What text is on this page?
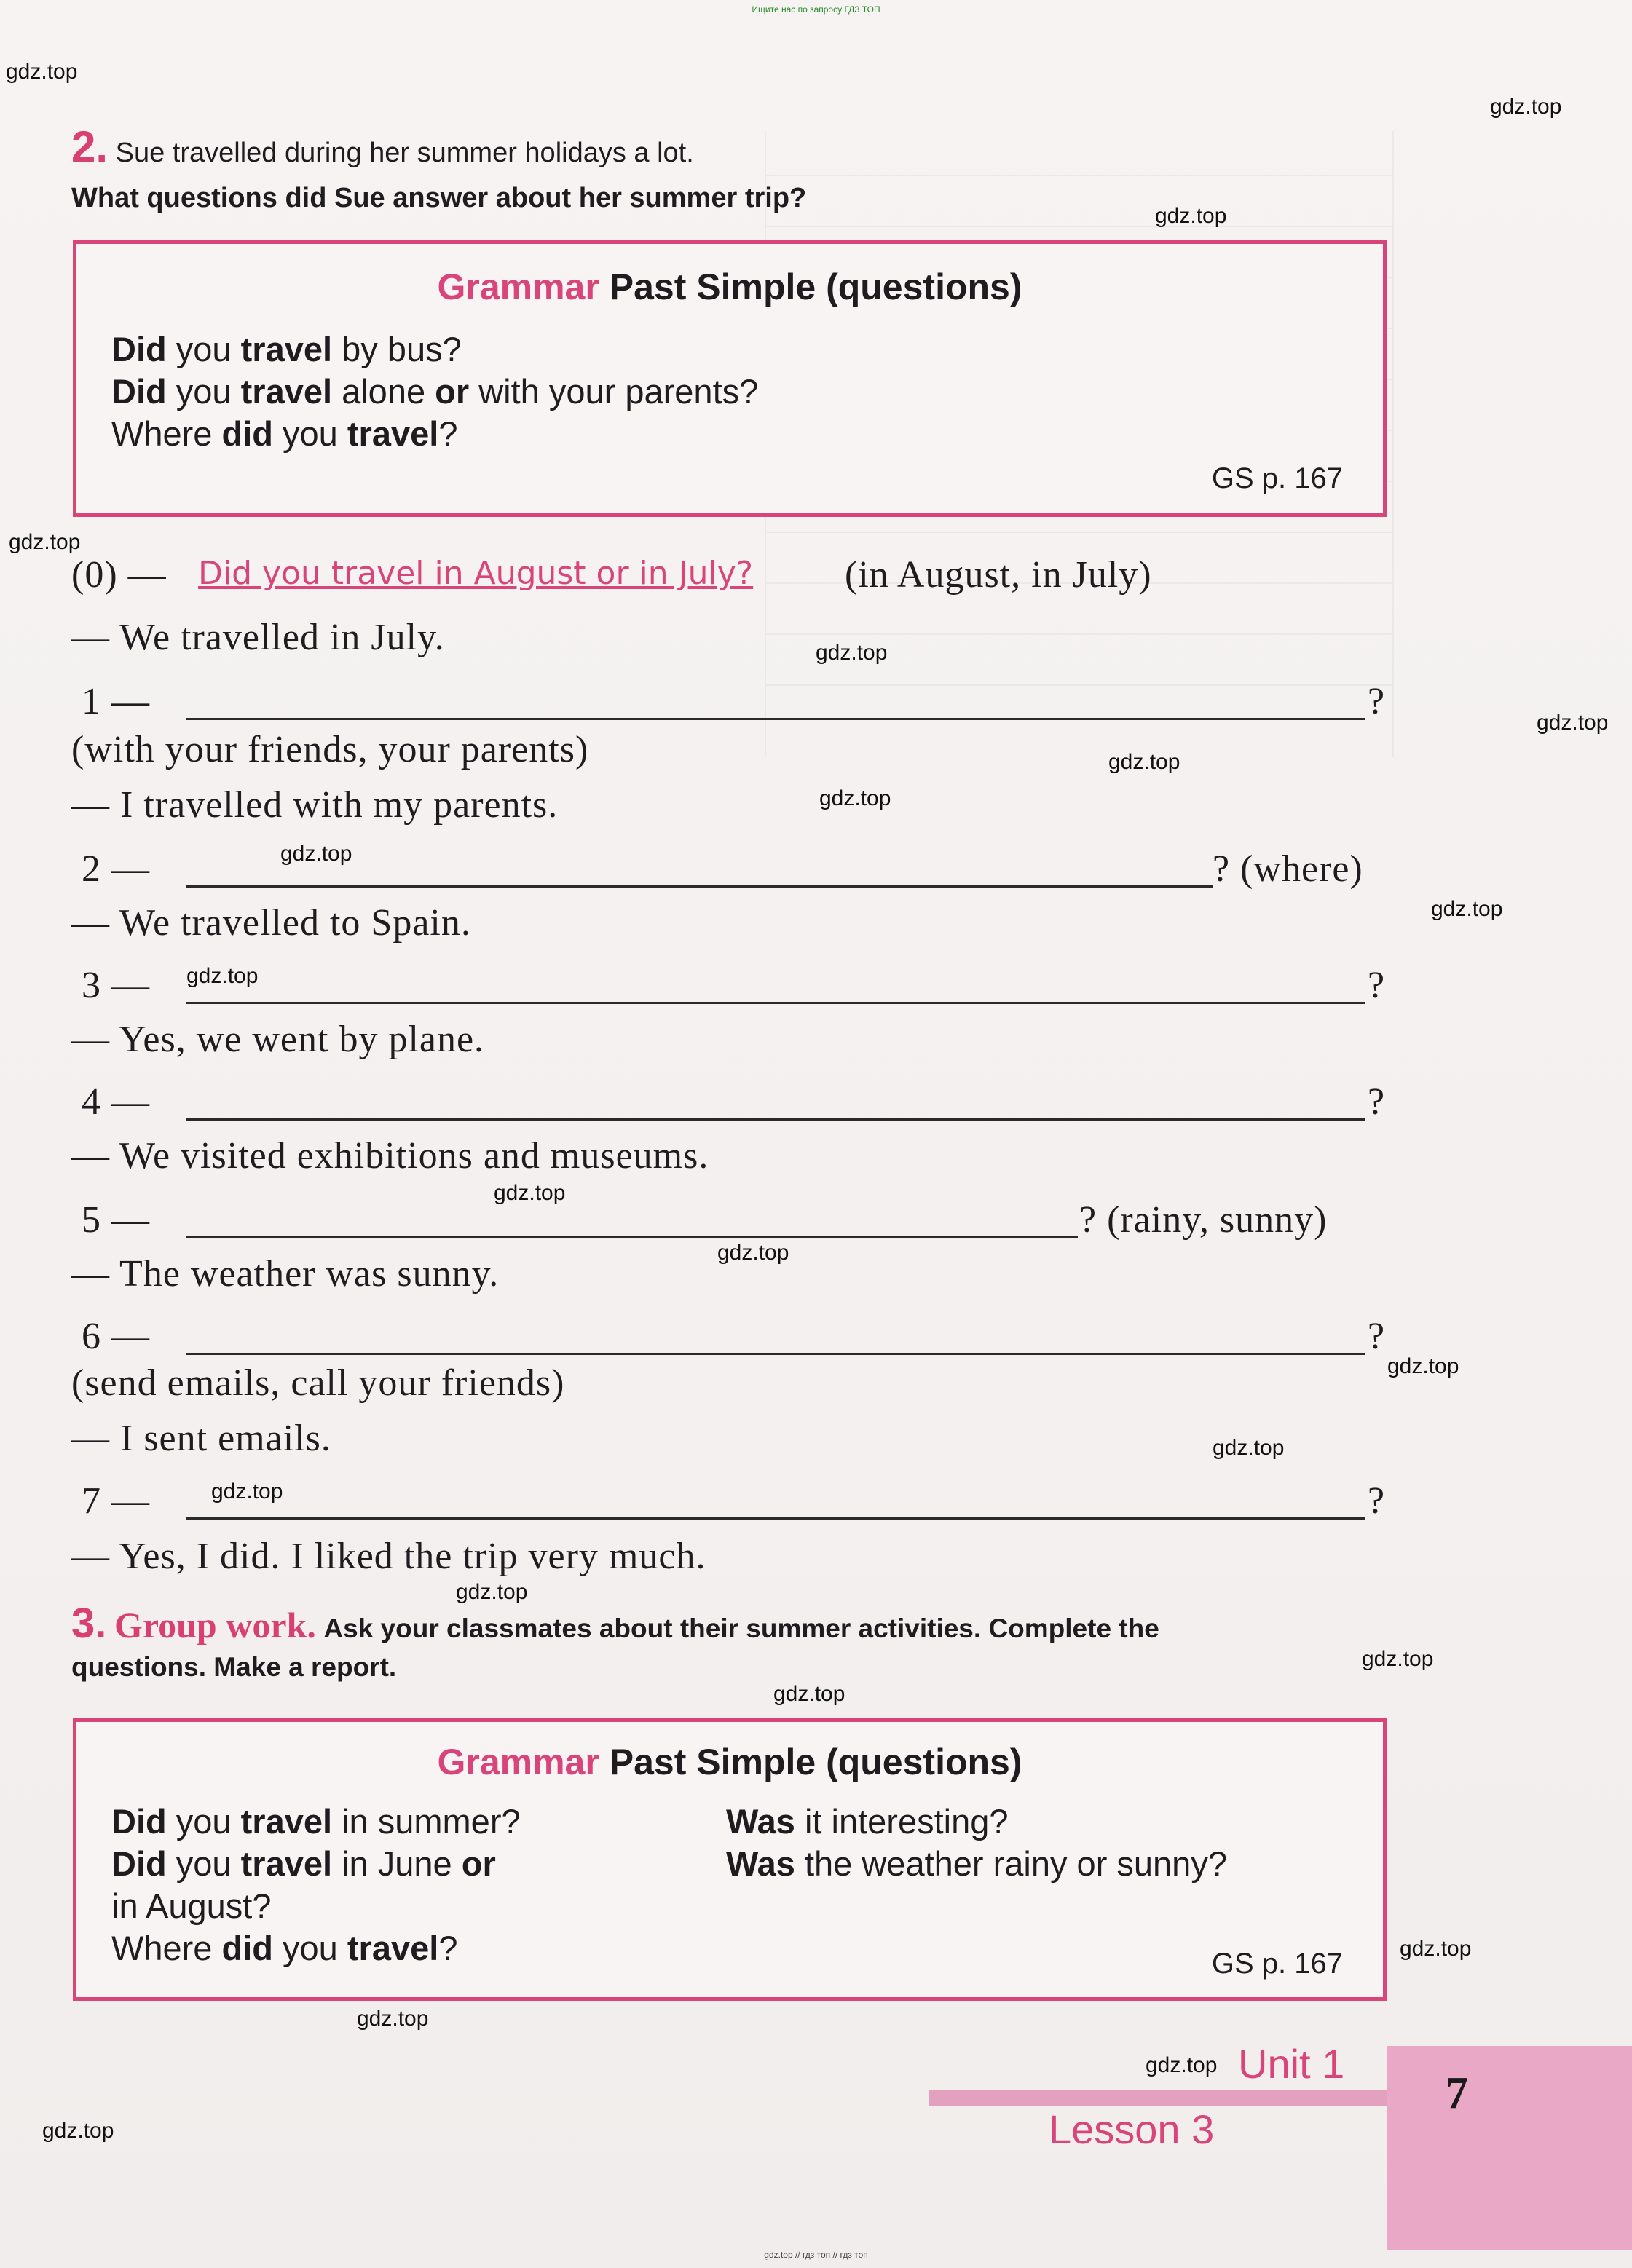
Ищите нас по запросу ГДЗ ТОП
gdz.top
gdz.top
gdz.top
gdz.top
gdz.top
gdz.top
gdz.top
gdz.top
gdz.top
gdz.top
gdz.top
gdz.top
gdz.top
gdz.top
gdz.top
gdz.top
gdz.top
gdz.top
gdz.top
gdz.top
gdz.top
gdz.top
gdz.top
2. Sue travelled during her summer holidays a lot.
What questions did Sue answer about her summer trip?
Grammar Past Simple (questions)
Did you travel by bus?
Did you travel alone or with your parents?
Where did you travel?
GS p. 167
(0) — Did you travel in August or in July? (in August, in July)
— We travelled in July.
1 —	?
(with your friends, your parents)
— I travelled with my parents.
2 —	? (where)
— We travelled to Spain.
3 —	?
— Yes, we went by plane.
4 —	?
— We visited exhibitions and museums.
5 —	? (rainy, sunny)
— The weather was sunny.
6 —	?
(send emails, call your friends)
— I sent emails.
7 —	?
— Yes, I did. I liked the trip very much.
3. Group work. Ask your classmates about their summer activities. Complete the
questions. Make a report.
Grammar Past Simple (questions)
Did you travel in summer?
Did you travel in June or
in August?
Where did you travel?
Was it interesting?
Was the weather rainy or sunny?
GS p. 167
Unit 1
Lesson 3
7
gdz.top // гдз топ // гдз топ
